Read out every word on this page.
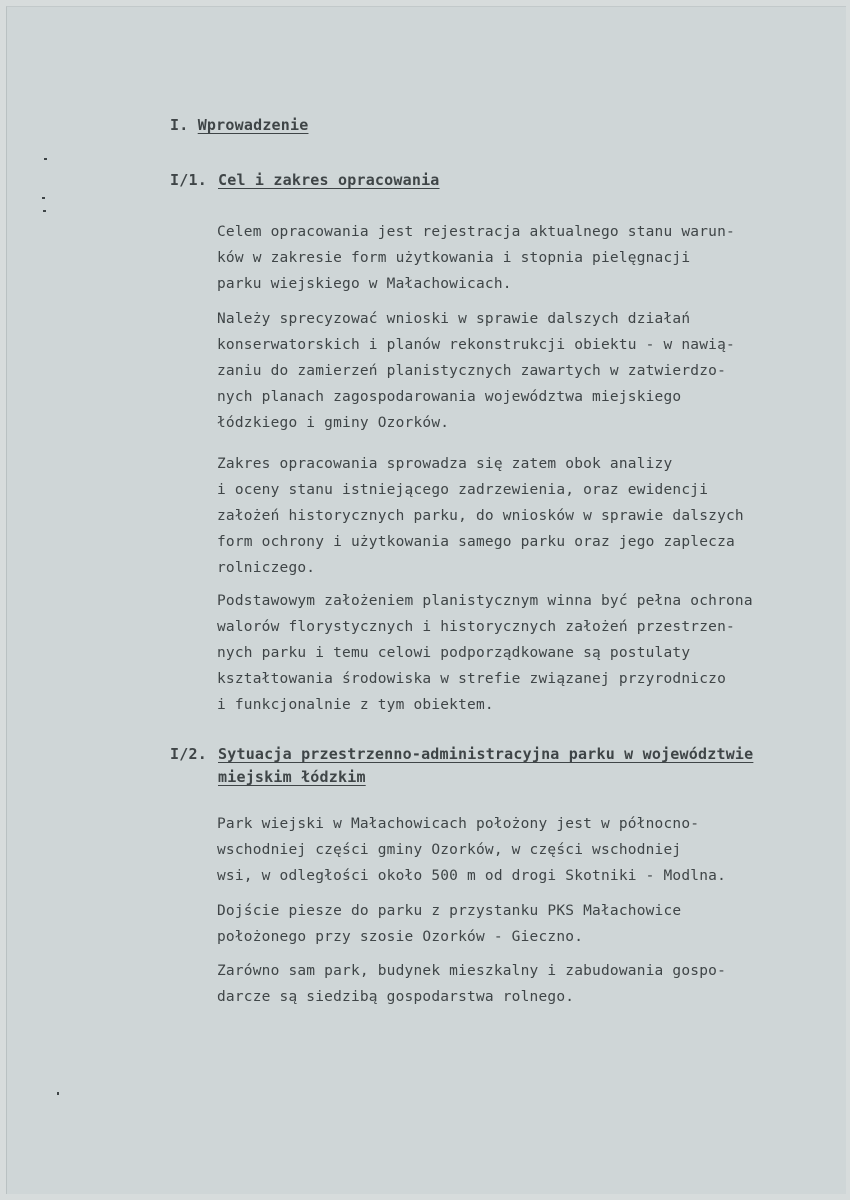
I. Wprowadzenie
I/1. Cel i zakres opracowania

Celem opracowania jest rejestracja aktualnego stanu warun-
ków w zakresie form użytkowania i stopnia pielęgnacji
parku wiejskiego w Małachowicach.

Należy sprecyzować wnioski w sprawie dalszych działań
konserwatorskich i planów rekonstrukcji obiektu - w nawią-
zaniu do zamierzeń planistycznych zawartych w zatwierdzo-
nych planach zagospodarowania województwa miejskiego
łódzkiego i gminy Ozorków.

Zakres opracowania sprowadza się zatem obok analizy
i oceny stanu istniejącego zadrzewienia, oraz ewidencji
założeń historycznych parku, do wniosków w sprawie dalszych
form ochrony i użytkowania samego parku oraz jego zaplecza
rolniczego.

Podstawowym założeniem planistycznym winna być pełna ochrona
walorów florystycznych i historycznych założeń przestrzen-
nych parku i temu celowi podporządkowane są postulaty
kształtowania środowiska w strefie związanej przyrodniczo
i funkcjonalnie z tym obiektem.

I/2. Sytuacja przestrzenno-administracyjna parku w województwie
miejskim łódzkim

Park wiejski w Małachowicach położony jest w północno-
wschodniej części gminy Ozorków, w części wschodniej
wsi, w odległości około 500 m od drogi Skotniki - Modlna.

Dojście piesze do parku z przystanku PKS Małachowice
położonego przy szosie Ozorków - Gieczno.

Zarówno sam park, budynek mieszkalny i zabudowania gospo-
darcze są siedzibą gospodarstwa rolnego.
